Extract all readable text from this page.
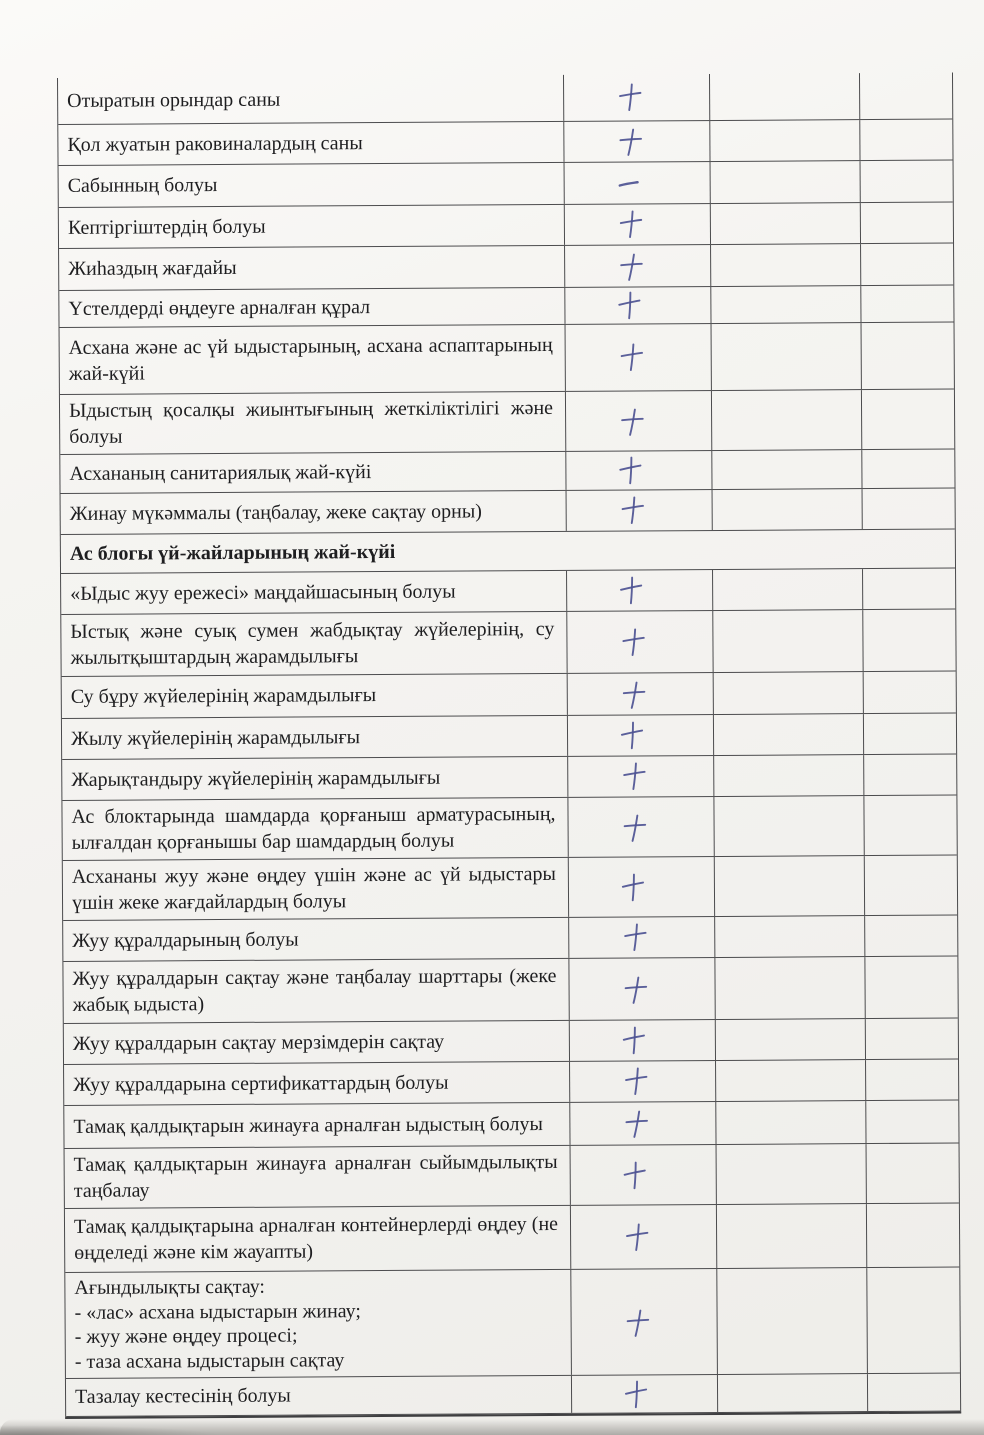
Отыратын орындар саны
Қол жуатын раковиналардың саны
Сабынның болуы
Кептіргіштердің болуы
Жиһаздың жағдайы
Үстелдерді өңдеуге арналған құрал
Асхана және ас үй ыдыстарының, асхана аспаптарының жай-күйі
Ыдыстың қосалқы жиынтығының жеткіліктілігі және болуы
Асхананың санитариялық жай-күйі
Жинау мүкәммалы (таңбалау, жеке сақтау орны)
Ас блогы үй-жайларының жай-күйі
«Ыдыс жуу ережесі» маңдайшасының болуы
Ыстық және суық сумен жабдықтау жүйелерінің, су жылытқыштардың жарамдылығы
Су бұру жүйелерінің жарамдылығы
Жылу жүйелерінің жарамдылығы
Жарықтандыру жүйелерінің жарамдылығы
Ас блоктарында шамдарда қорғаныш арматурасының, ылғалдан қорғанышы бар шамдардың болуы
Асхананы жуу және өңдеу үшін және ас үй ыдыстары үшін жеке жағдайлардың болуы
Жуу құралдарының болуы
Жуу құралдарын сақтау және таңбалау шарттары (жеке жабық ыдыста)
Жуу құралдарын сақтау мерзімдерін сақтау
Жуу құралдарына сертификаттардың болуы
Тамақ қалдықтарын жинауға арналған ыдыстың болуы
Тамақ қалдықтарын жинауға арналған сыйымдылықты таңбалау
Тамақ қалдықтарына арналған контейнерлерді өңдеу (не өңделеді және кім жауапты)
Ағындылықты сақтау:
- «лас» асхана ыдыстарын жинау;
- жуу және өңдеу процесі;
- таза асхана ыдыстарын сақтау
Тазалау кестесінің болуы
